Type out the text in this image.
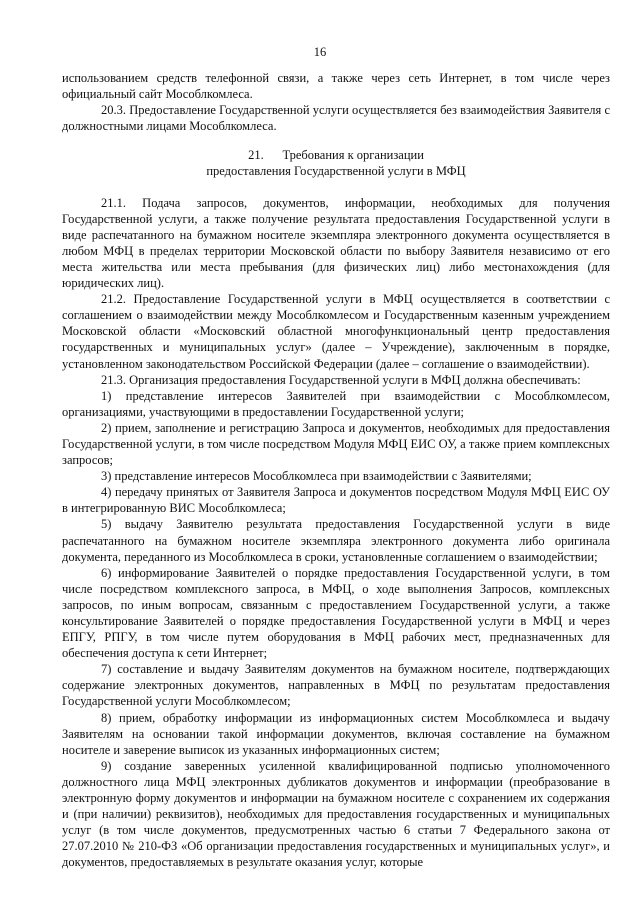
16

использованием средств телефонной связи, а также через сеть Интернет, в том числе через официальный сайт Мособлкомлеса.

20.3. Предоставление Государственной услуги осуществляется без взаимодействия Заявителя с должностными лицами Мособлкомлеса.

21.      Требования к организации
предоставления Государственной услуги в МФЦ

21.1. Подача запросов, документов, информации, необходимых для получения Государственной услуги, а также получение результата предоставления Государственной услуги в виде распечатанного на бумажном носителе экземпляра электронного документа осуществляется в любом МФЦ в пределах территории Московской области по выбору Заявителя независимо от его места жительства или места пребывания (для физических лиц) либо местонахождения (для юридических лиц).

21.2. Предоставление Государственной услуги в МФЦ осуществляется в соответствии с соглашением о взаимодействии между Мособлкомлесом и Государственным казенным учреждением Московской области «Московский областной многофункциональный центр предоставления государственных и муниципальных услуг» (далее – Учреждение), заключенным в порядке, установленном законодательством Российской Федерации (далее – соглашение о взаимодействии).

21.3. Организация предоставления Государственной услуги в МФЦ должна обеспечивать:

1) представление интересов Заявителей при взаимодействии с Мособлкомлесом, организациями, участвующими в предоставлении Государственной услуги;

2) прием, заполнение и регистрацию Запроса и документов, необходимых для предоставления Государственной услуги, в том числе посредством Модуля МФЦ ЕИС ОУ, а также прием комплексных запросов;

3) представление интересов Мособлкомлеса при взаимодействии с Заявителями;

4) передачу принятых от Заявителя Запроса и документов посредством Модуля МФЦ ЕИС ОУ в интегрированную ВИС Мособлкомлеса;

5) выдачу Заявителю результата предоставления Государственной услуги в виде распечатанного на бумажном носителе экземпляра электронного документа либо оригинала документа, переданного из Мособлкомлеса в сроки, установленные соглашением о взаимодействии;

6) информирование Заявителей о порядке предоставления Государственной услуги, в том числе посредством комплексного запроса, в МФЦ, о ходе выполнения Запросов, комплексных запросов, по иным вопросам, связанным с предоставлением Государственной услуги, а также консультирование Заявителей о порядке предоставления Государственной услуги в МФЦ и через ЕПГУ, РПГУ, в том числе путем оборудования в МФЦ рабочих мест, предназначенных для обеспечения доступа к сети Интернет;

7) составление и выдачу Заявителям документов на бумажном носителе, подтверждающих содержание электронных документов, направленных в МФЦ по результатам предоставления Государственной услуги Мособлкомлесом;

8) прием, обработку информации из информационных систем Мособлкомлеса и выдачу Заявителям на основании такой информации документов, включая составление на бумажном носителе и заверение выписок из указанных информационных систем;

9) создание заверенных усиленной квалифицированной подписью уполномоченного должностного лица МФЦ электронных дубликатов документов и информации (преобразование в электронную форму документов и информации на бумажном носителе с сохранением их содержания и (при наличии) реквизитов), необходимых для предоставления государственных и муниципальных услуг (в том числе документов, предусмотренных частью 6 статьи 7 Федерального закона от 27.07.2010 № 210-ФЗ «Об организации предоставления государственных и муниципальных услуг», и документов, предоставляемых в результате оказания услуг, которые
